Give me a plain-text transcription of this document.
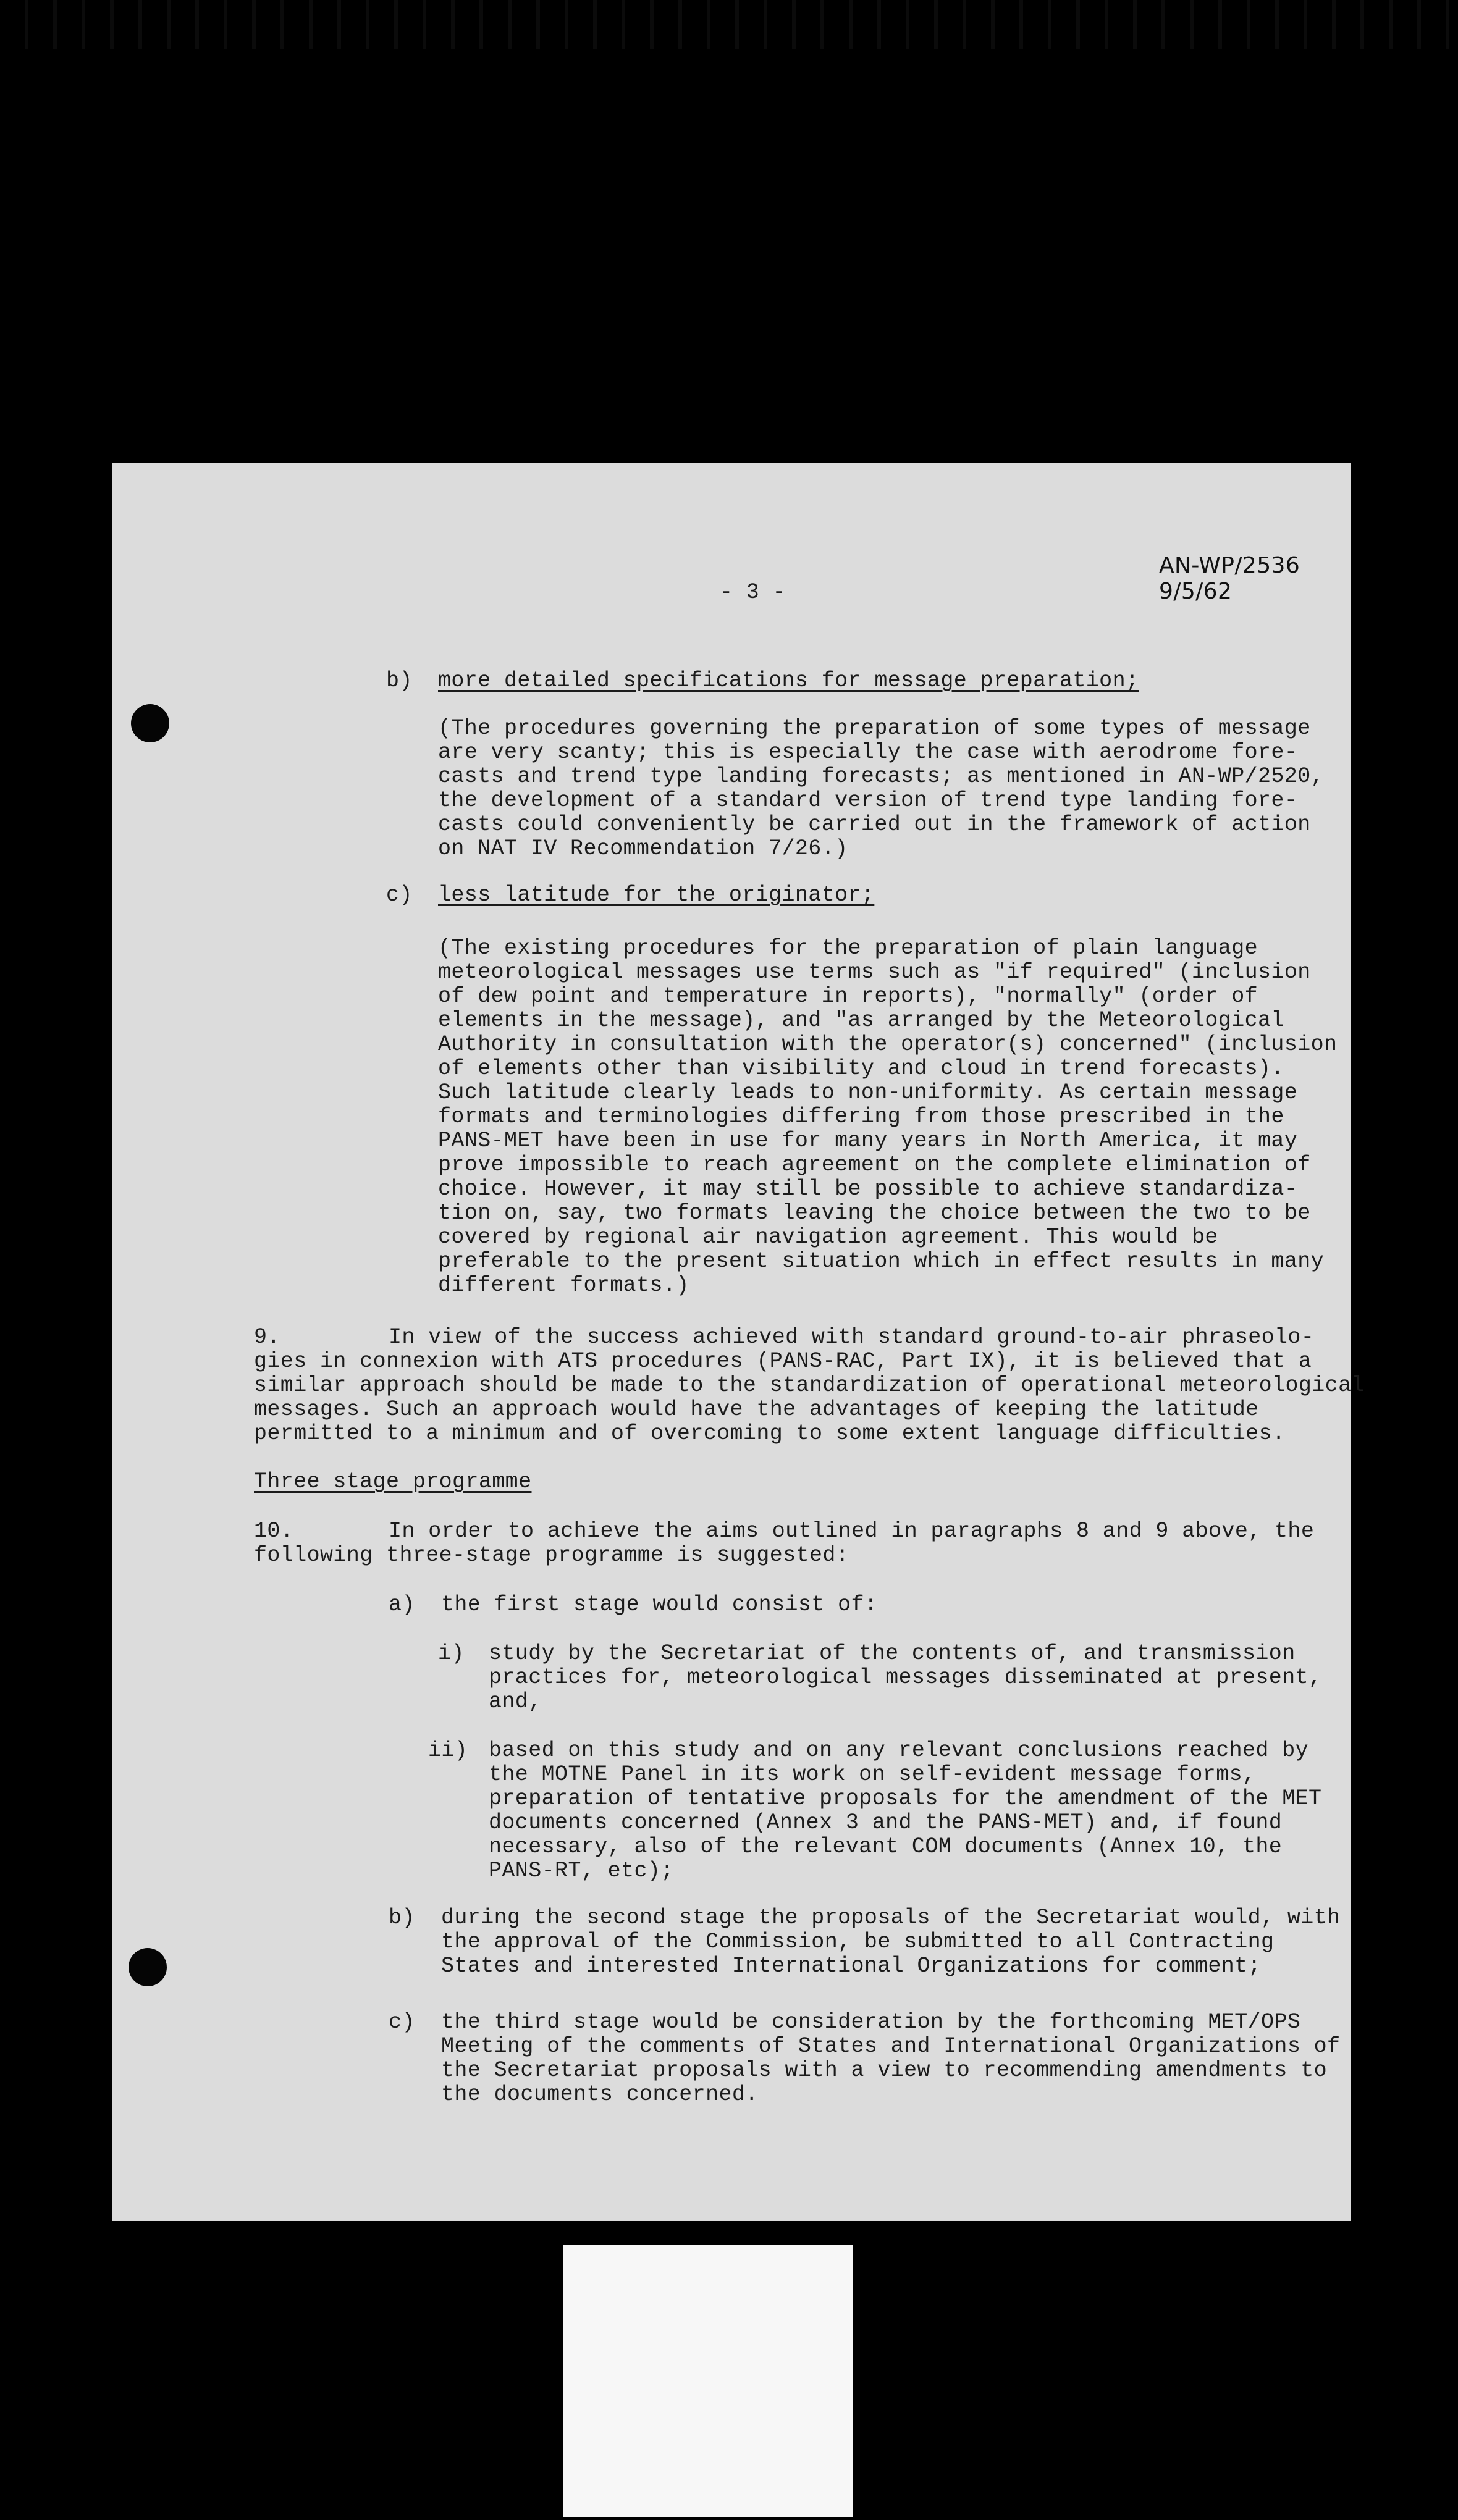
- 3 -
AN-WP/2536
9/5/62
b) more detailed specifications for message preparation;
(The procedures governing the preparation of some types of message
are very scanty; this is especially the case with aerodrome fore-
casts and trend type landing forecasts; as mentioned in AN-WP/2520,
the development of a standard version of trend type landing fore-
casts could conveniently be carried out in the framework of action
on NAT IV Recommendation 7/26.)
c) less latitude for the originator;
(The existing procedures for the preparation of plain language
meteorological messages use terms such as "if required" (inclusion
of dew point and temperature in reports), "normally" (order of
elements in the message), and "as arranged by the Meteorological
Authority in consultation with the operator(s) concerned" (inclusion
of elements other than visibility and cloud in trend forecasts).
Such latitude clearly leads to non-uniformity. As certain message
formats and terminologies differing from those prescribed in the
PANS-MET have been in use for many years in North America, it may
prove impossible to reach agreement on the complete elimination of
choice. However, it may still be possible to achieve standardiza-
tion on, say, two formats leaving the choice between the two to be
covered by regional air navigation agreement. This would be
preferable to the present situation which in effect results in many
different formats.)
9.	In view of the success achieved with standard ground-to-air phraseolo-
gies in connexion with ATS procedures (PANS-RAC, Part IX), it is believed that a
similar approach should be made to the standardization of operational meteorological
messages. Such an approach would have the advantages of keeping the latitude
permitted to a minimum and of overcoming to some extent language difficulties.
Three stage programme
10.	In order to achieve the aims outlined in paragraphs 8 and 9 above, the
following three-stage programme is suggested:
a) the first stage would consist of:
i) study by the Secretariat of the contents of, and transmission
practices for, meteorological messages disseminated at present,
and,
ii) based on this study and on any relevant conclusions reached by
the MOTNE Panel in its work on self-evident message forms,
preparation of tentative proposals for the amendment of the MET
documents concerned (Annex 3 and the PANS-MET) and, if found
necessary, also of the relevant COM documents (Annex 10, the
PANS-RT, etc);
b) during the second stage the proposals of the Secretariat would, with
the approval of the Commission, be submitted to all Contracting
States and interested International Organizations for comment;
c) the third stage would be consideration by the forthcoming MET/OPS
Meeting of the comments of States and International Organizations of
the Secretariat proposals with a view to recommending amendments to
the documents concerned.
